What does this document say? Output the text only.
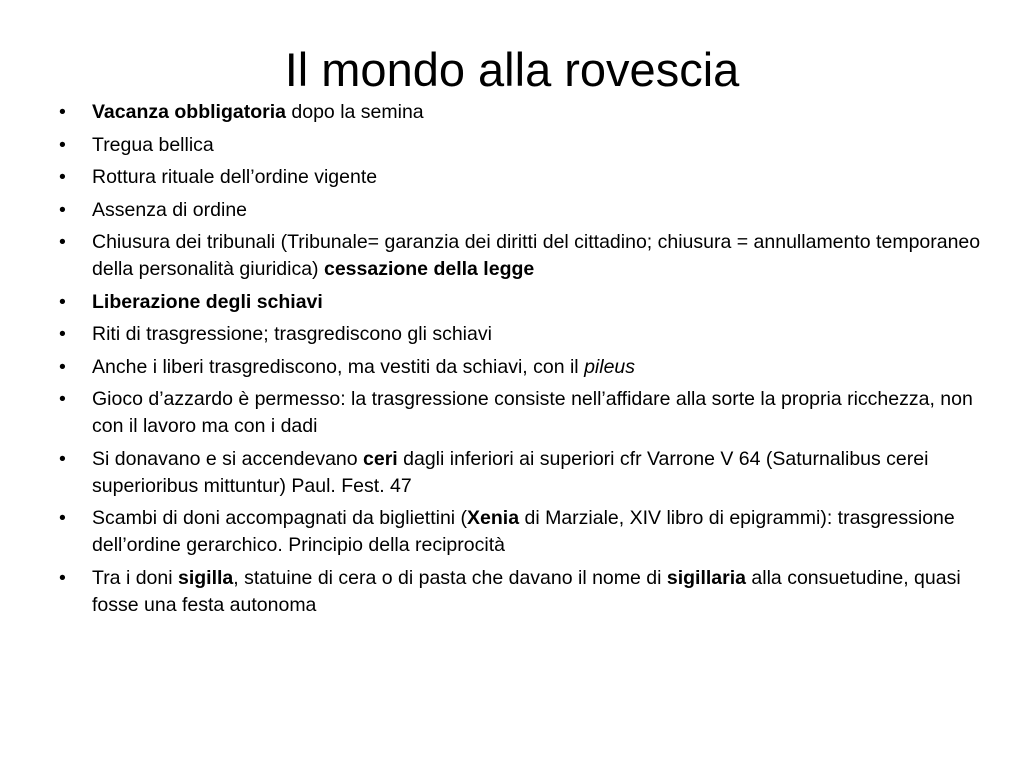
Il mondo alla rovescia
• Vacanza obbligatoria dopo la semina
• Tregua bellica
• Rottura rituale dell’ordine vigente
• Assenza di ordine
• Chiusura dei tribunali (Tribunale= garanzia dei diritti del cittadino; chiusura = annullamento temporaneo della personalità giuridica) cessazione della legge
• Liberazione degli schiavi
• Riti di trasgressione; trasgrediscono gli schiavi
• Anche i liberi trasgrediscono, ma vestiti da schiavi, con il pileus
• Gioco d’azzardo è permesso: la trasgressione consiste nell’affidare alla sorte la propria ricchezza, non con il lavoro ma con i dadi
• Si donavano e si accendevano ceri dagli inferiori ai superiori cfr Varrone V 64 (Saturnalibus cerei superioribus mittuntur) Paul. Fest. 47
• Scambi di doni accompagnati da bigliettini (Xenia di Marziale, XIV libro di epigrammi): trasgressione dell’ordine gerarchico. Principio della reciprocità
• Tra i doni sigilla, statuine di cera o di pasta che davano il nome di sigillaria alla consuetudine, quasi fosse una festa autonoma
